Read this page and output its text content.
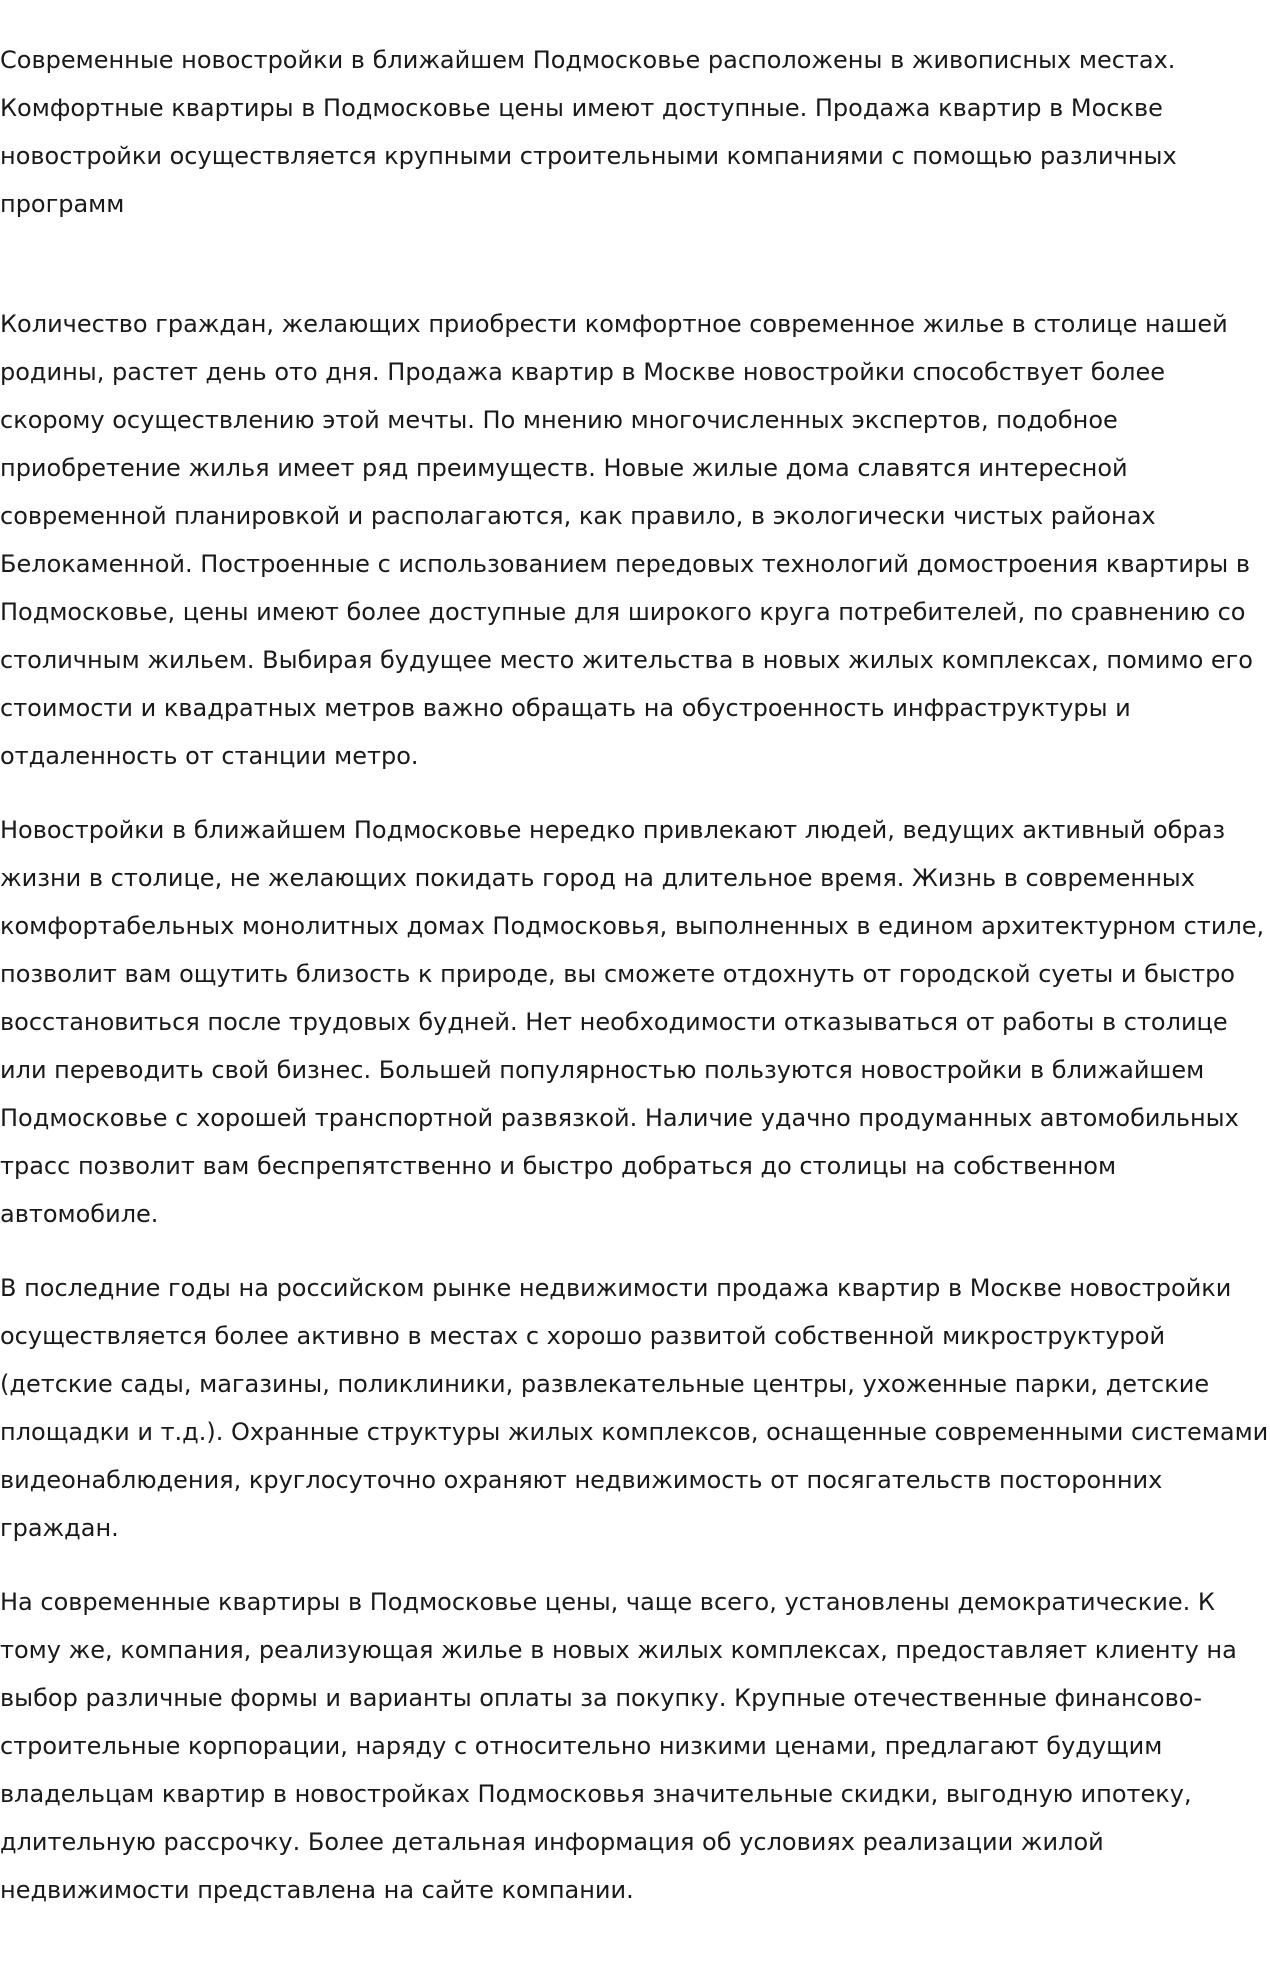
Современные новостройки в ближайшем Подмосковье расположены в живописных местах. Комфортные квартиры в Подмосковье цены имеют доступные. Продажа квартир в Москве новостройки осуществляется крупными строительными компаниями с помощью различных программ

Количество граждан, желающих приобрести комфортное современное жилье в столице нашей родины, растет день ото дня. Продажа квартир в Москве новостройки способствует более скорому осуществлению этой мечты. По мнению многочисленных экспертов, подобное приобретение жилья имеет ряд преимуществ. Новые жилые дома славятся интересной современной планировкой и располагаются, как правило, в экологически чистых районах Белокаменной. Построенные с использованием передовых технологий домостроения квартиры в Подмосковье, цены имеют более доступные для широкого круга потребителей, по сравнению со столичным жильем. Выбирая будущее место жительства в новых жилых комплексах, помимо его стоимости и квадратных метров важно обращать на обустроенность инфраструктуры и отдаленность от станции метро.

Новостройки в ближайшем Подмосковье нередко привлекают людей, ведущих активный образ жизни в столице, не желающих покидать город на длительное время. Жизнь в современных комфортабельных монолитных домах Подмосковья, выполненных в едином архитектурном стиле, позволит вам ощутить близость к природе, вы сможете отдохнуть от городской суеты и быстро восстановиться после трудовых будней. Нет необходимости отказываться от работы в столице или переводить свой бизнес. Большей популярностью пользуются новостройки в ближайшем Подмосковье с хорошей транспортной развязкой. Наличие удачно продуманных автомобильных трасс позволит вам беспрепятственно и быстро добраться до столицы на собственном автомобиле.

В последние годы на российском рынке недвижимости продажа квартир в Москве новостройки осуществляется более активно в местах с хорошо развитой собственной микроструктурой (детские сады, магазины, поликлиники, развлекательные центры, ухоженные парки, детские площадки и т.д.). Охранные структуры жилых комплексов, оснащенные современными системами видеонаблюдения, круглосуточно охраняют недвижимость от посягательств посторонних граждан.

На современные квартиры в Подмосковье цены, чаще всего, установлены демократические. К тому же, компания, реализующая жилье в новых жилых комплексах, предоставляет клиенту на выбор различные формы и варианты оплаты за покупку. Крупные отечественные финансово-строительные корпорации, наряду с относительно низкими ценами, предлагают будущим владельцам квартир в новостройках Подмосковья значительные скидки, выгодную ипотеку, длительную рассрочку. Более детальная информация об условиях реализации жилой недвижимости представлена на сайте компании.
